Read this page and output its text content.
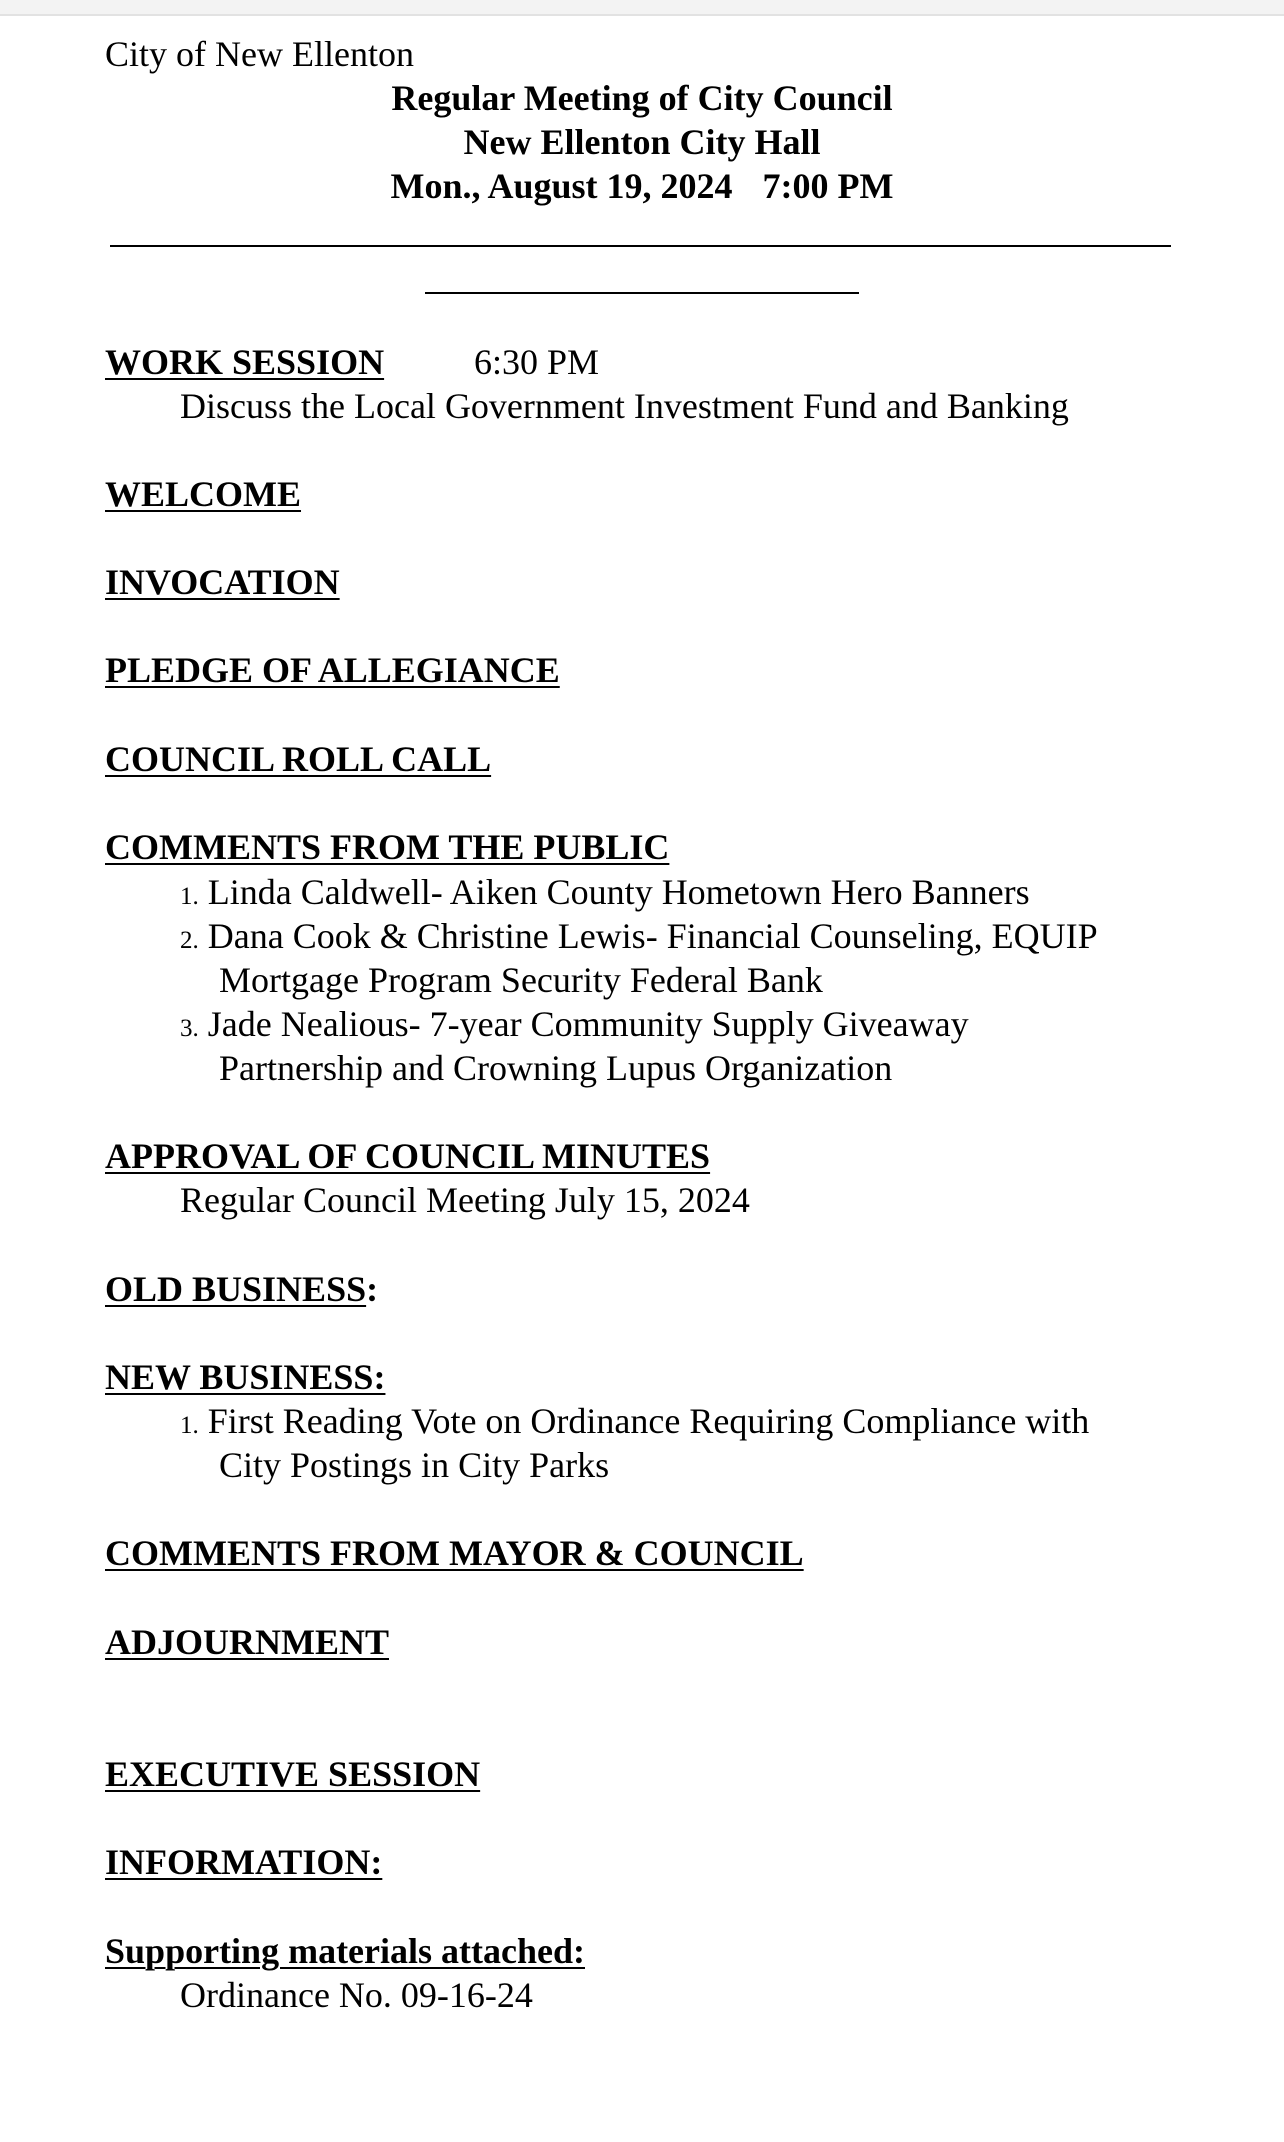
City of New Ellenton
Regular Meeting of City Council
New Ellenton City Hall
Mon., August 19, 2024 7:00 PM
WORK SESSION 6:30 PM
Discuss the Local Government Investment Fund and Banking
WELCOME
INVOCATION
PLEDGE OF ALLEGIANCE
COUNCIL ROLL CALL
COMMENTS FROM THE PUBLIC
1. Linda Caldwell- Aiken County Hometown Hero Banners
2. Dana Cook & Christine Lewis- Financial Counseling, EQUIP
Mortgage Program Security Federal Bank
3. Jade Nealious- 7-year Community Supply Giveaway
Partnership and Crowning Lupus Organization
APPROVAL OF COUNCIL MINUTES
Regular Council Meeting July 15, 2024
OLD BUSINESS:
NEW BUSINESS:
1. First Reading Vote on Ordinance Requiring Compliance with
City Postings in City Parks
COMMENTS FROM MAYOR & COUNCIL
ADJOURNMENT
EXECUTIVE SESSION
INFORMATION:
Supporting materials attached:
Ordinance No. 09-16-24
